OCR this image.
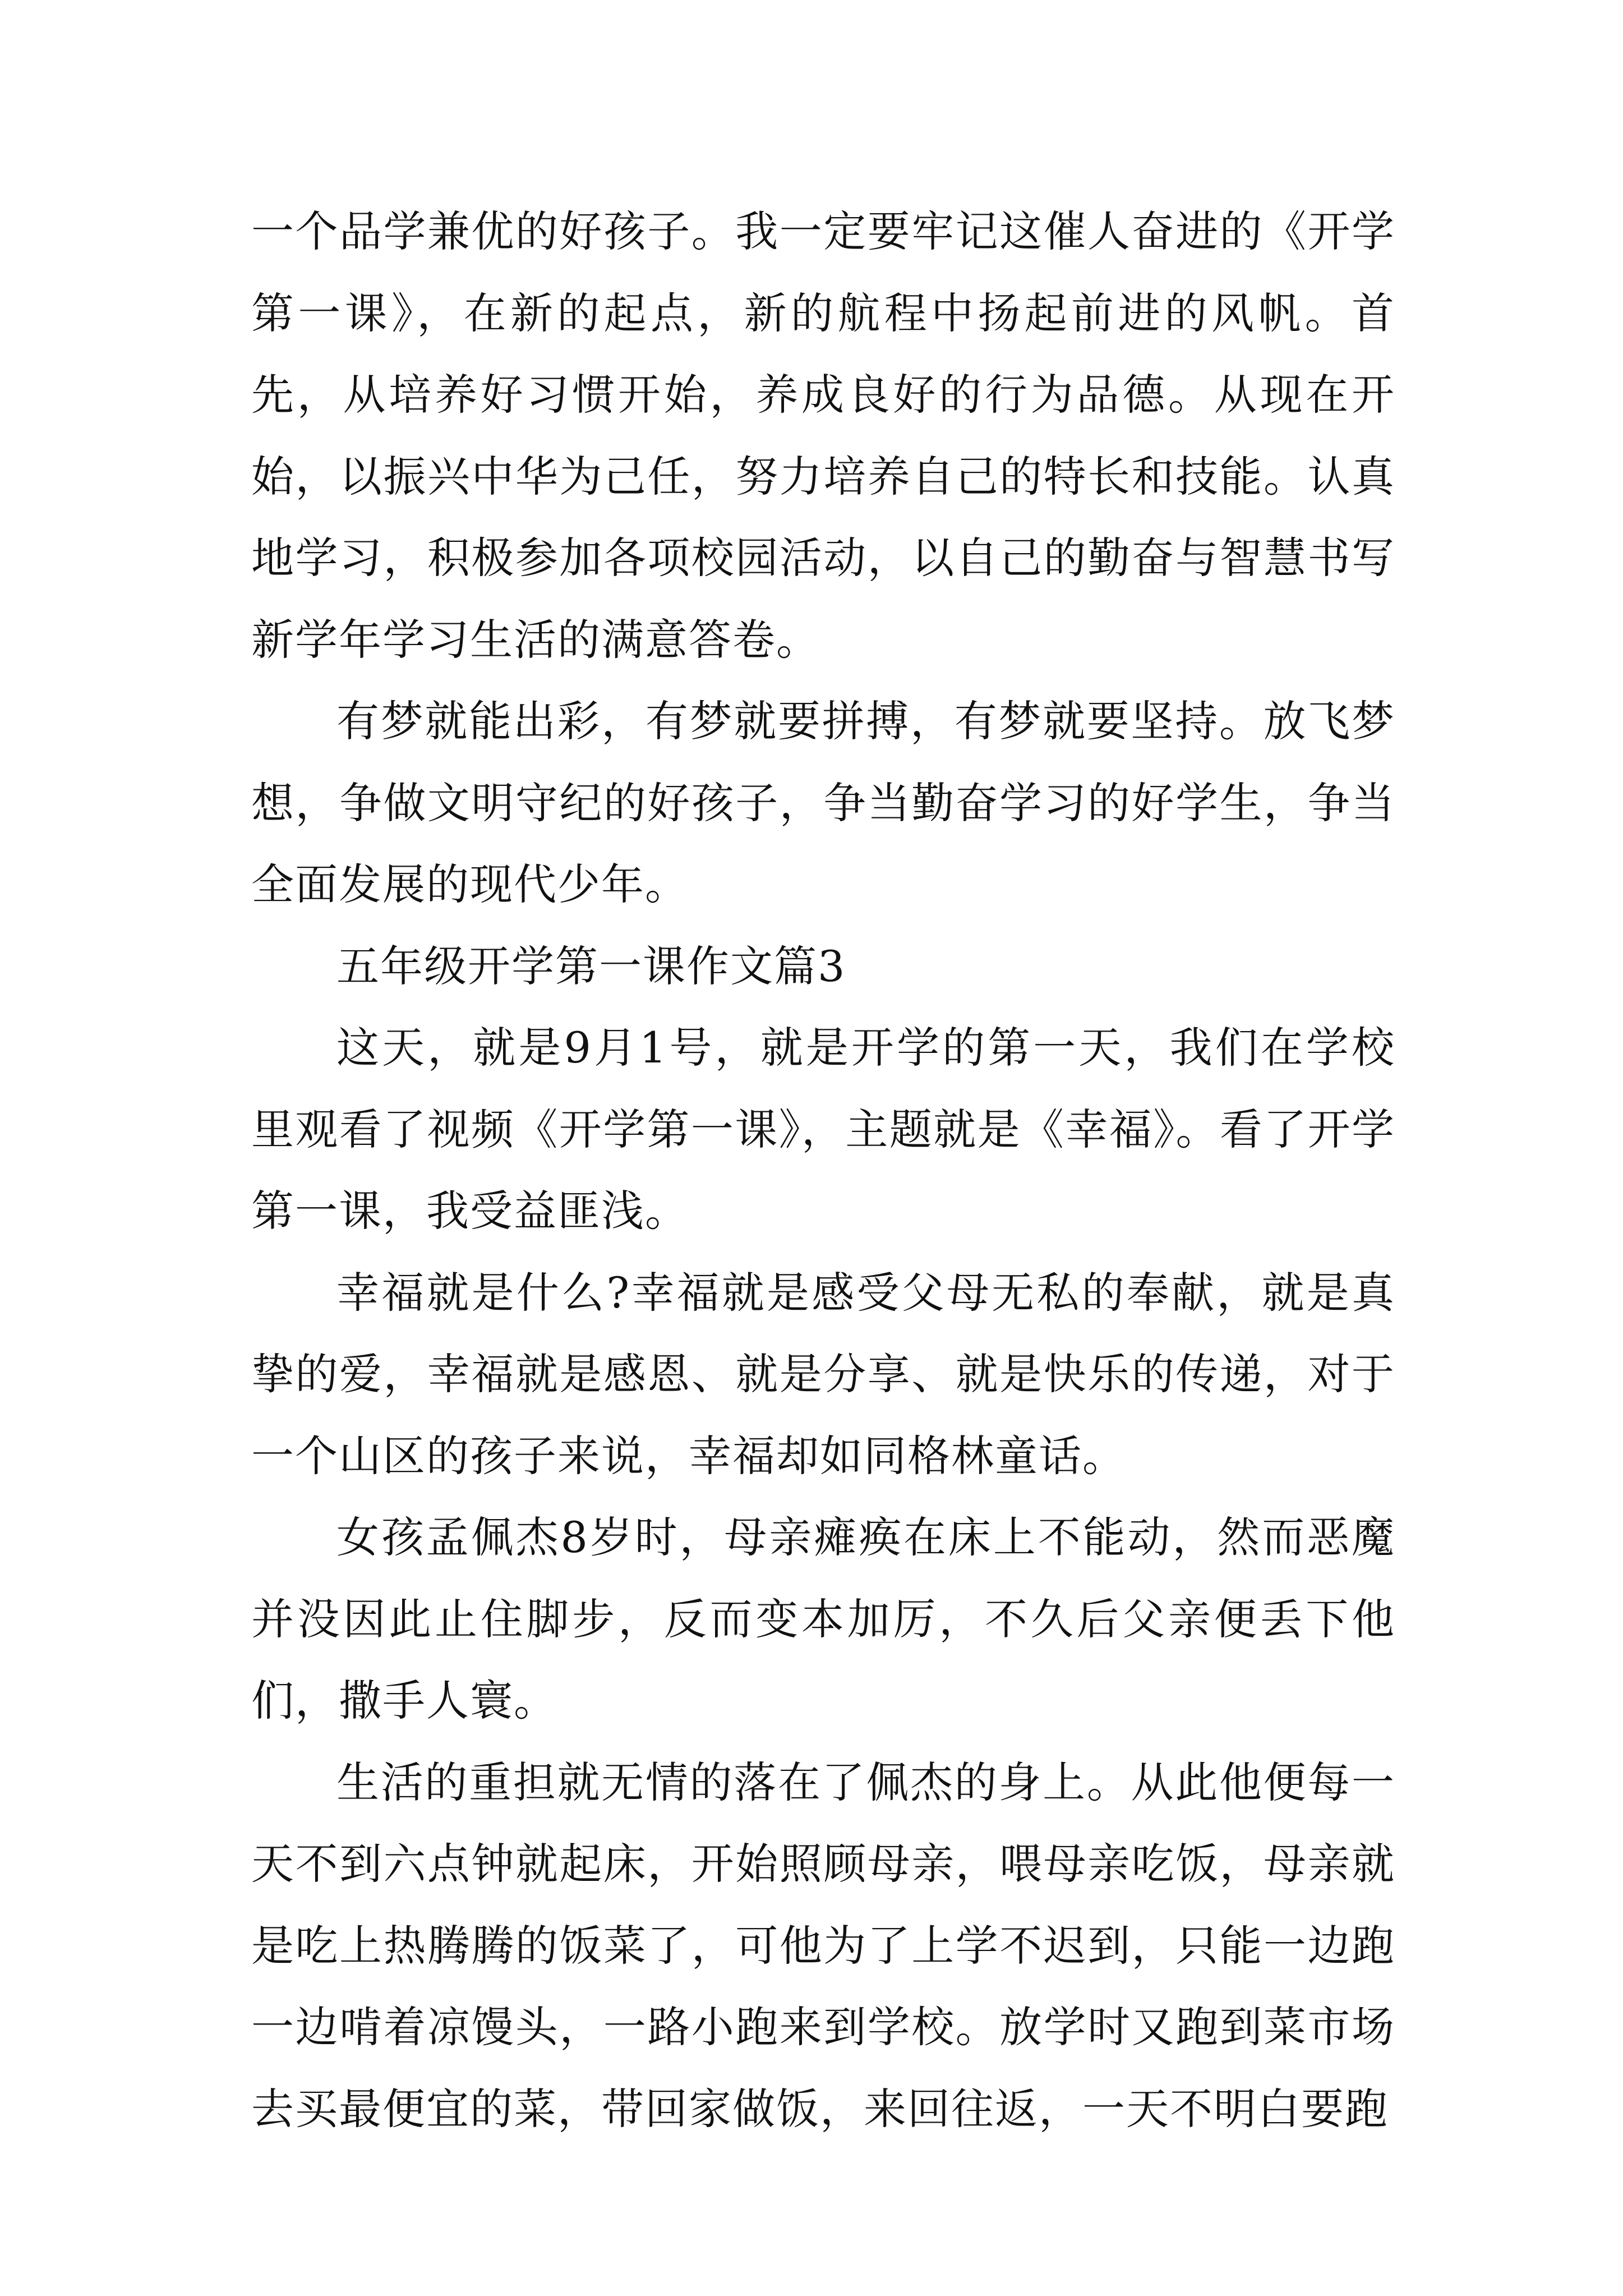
一个品学兼优的好孩子。我一定要牢记这催人奋进的《开学第一课》，在新的起点，新的航程中扬起前进的风帆。首先，从培养好习惯开始，养成良好的行为品德。从现在开始，以振兴中华为己任，努力培养自己的特长和技能。认真地学习，积极参加各项校园活动，以自己的勤奋与智慧书写新学年学习生活的满意答卷。

有梦就能出彩，有梦就要拼搏，有梦就要坚持。放飞梦想，争做文明守纪的好孩子，争当勤奋学习的好学生，争当全面发展的现代少年。

五年级开学第一课作文篇3

这天，就是9月1号，就是开学的第一天，我们在学校里观看了视频《开学第一课》，主题就是《幸福》。看了开学第一课，我受益匪浅。

幸福就是什么?幸福就是感受父母无私的奉献，就是真挚的爱，幸福就是感恩、就是分享、就是快乐的传递，对于一个山区的孩子来说，幸福却如同格林童话。

女孩孟佩杰8岁时，母亲瘫痪在床上不能动，然而恶魔并没因此止住脚步，反而变本加厉，不久后父亲便丢下他们，撒手人寰。

生活的重担就无情的落在了佩杰的身上。从此他便每一天不到六点钟就起床，开始照顾母亲，喂母亲吃饭，母亲就是吃上热腾腾的饭菜了，可他为了上学不迟到，只能一边跑一边啃着凉馒头，一路小跑来到学校。放学时又跑到菜市场去买最便宜的菜，带回家做饭，来回往返，一天不明白要跑
